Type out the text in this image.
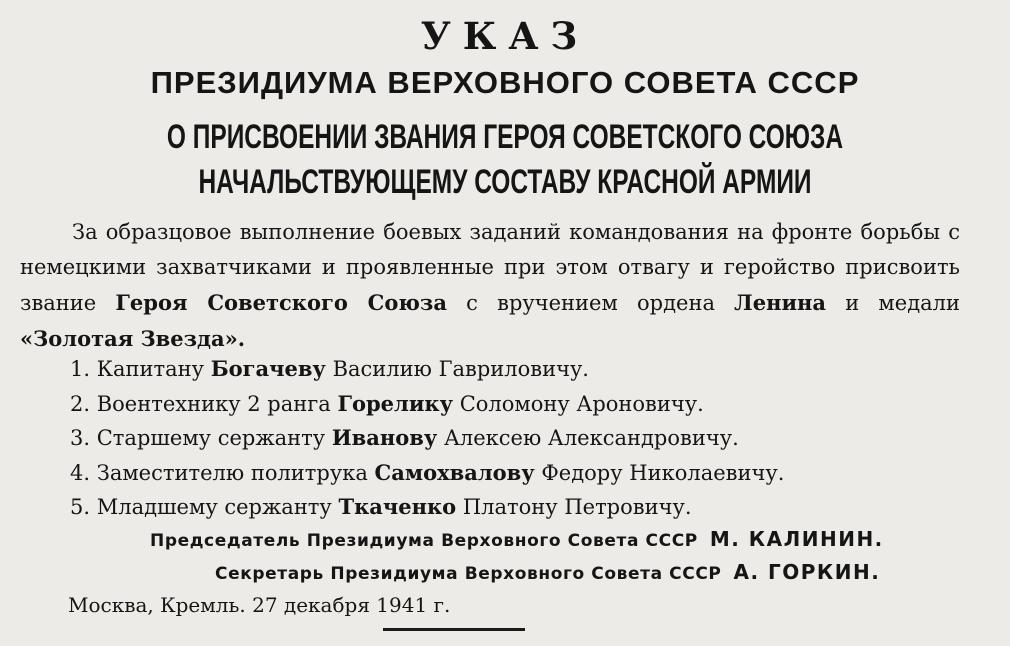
УКАЗ
ПРЕЗИДИУМА ВЕРХОВНОГО СОВЕТА СССР
О ПРИСВОЕНИИ ЗВАНИЯ ГЕРОЯ СОВЕТСКОГО СОЮЗА
НАЧАЛЬСТВУЮЩЕМУ СОСТАВУ КРАСНОЙ АРМИИ

За образцовое выполнение боевых заданий командования на фронте борьбы с немецкими захватчиками и проявленные при этом отвагу и геройство присвоить звание Героя Советского Союза с вручением ордена Ленина и медали «Золотая Звезда».

1. Капитану Богачеву Василию Гавриловичу.
2. Воентехнику 2 ранга Горелику Соломону Ароновичу.
3. Старшему сержанту Иванову Алексею Александровичу.
4. Заместителю политрука Самохвалову Федору Николаевичу.
5. Младшему сержанту Ткаченко Платону Петровичу.

Председатель Президиума Верховного Совета СССР М. КАЛИНИН.

Секретарь Президиума Верховного Совета СССР А. ГОРКИН.

Москва, Кремль. 27 декабря 1941 г.
